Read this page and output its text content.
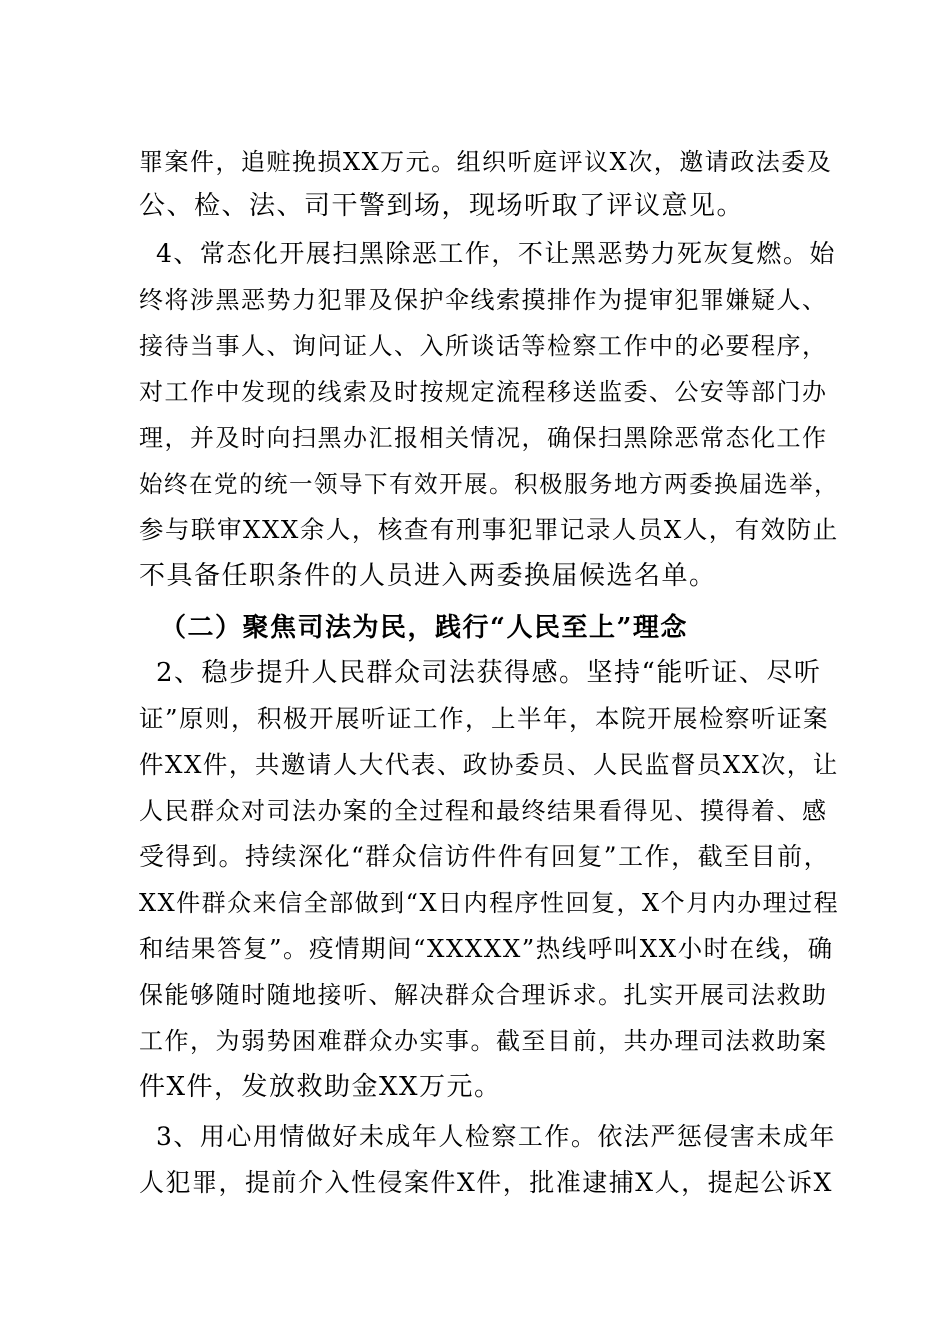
罪案件，追赃挽损XX万元。组织听庭评议X次，邀请政法委及
公、检、法、司干警到场，现场听取了评议意见。
4、常态化开展扫黑除恶工作，不让黑恶势力死灰复燃。始
终将涉黑恶势力犯罪及保护伞线索摸排作为提审犯罪嫌疑人、
接待当事人、询问证人、入所谈话等检察工作中的必要程序，
对工作中发现的线索及时按规定流程移送监委、公安等部门办
理，并及时向扫黑办汇报相关情况，确保扫黑除恶常态化工作
始终在党的统一领导下有效开展。积极服务地方两委换届选举，
参与联审XXX余人，核查有刑事犯罪记录人员X人，有效防止
不具备任职条件的人员进入两委换届候选名单。
（二）聚焦司法为民，践行“人民至上”理念
2、稳步提升人民群众司法获得感。坚持“能听证、尽听
证”原则，积极开展听证工作，上半年，本院开展检察听证案
件XX件，共邀请人大代表、政协委员、人民监督员XX次，让
人民群众对司法办案的全过程和最终结果看得见、摸得着、感
受得到。持续深化“群众信访件件有回复”工作，截至目前，
XX件群众来信全部做到“X日内程序性回复，X个月内办理过程
和结果答复”。疫情期间“XXXXX”热线呼叫XX小时在线，确
保能够随时随地接听、解决群众合理诉求。扎实开展司法救助
工作，为弱势困难群众办实事。截至目前，共办理司法救助案
件X件，发放救助金XX万元。
3、用心用情做好未成年人检察工作。依法严惩侵害未成年
人犯罪，提前介入性侵案件X件，批准逮捕X人，提起公诉X
